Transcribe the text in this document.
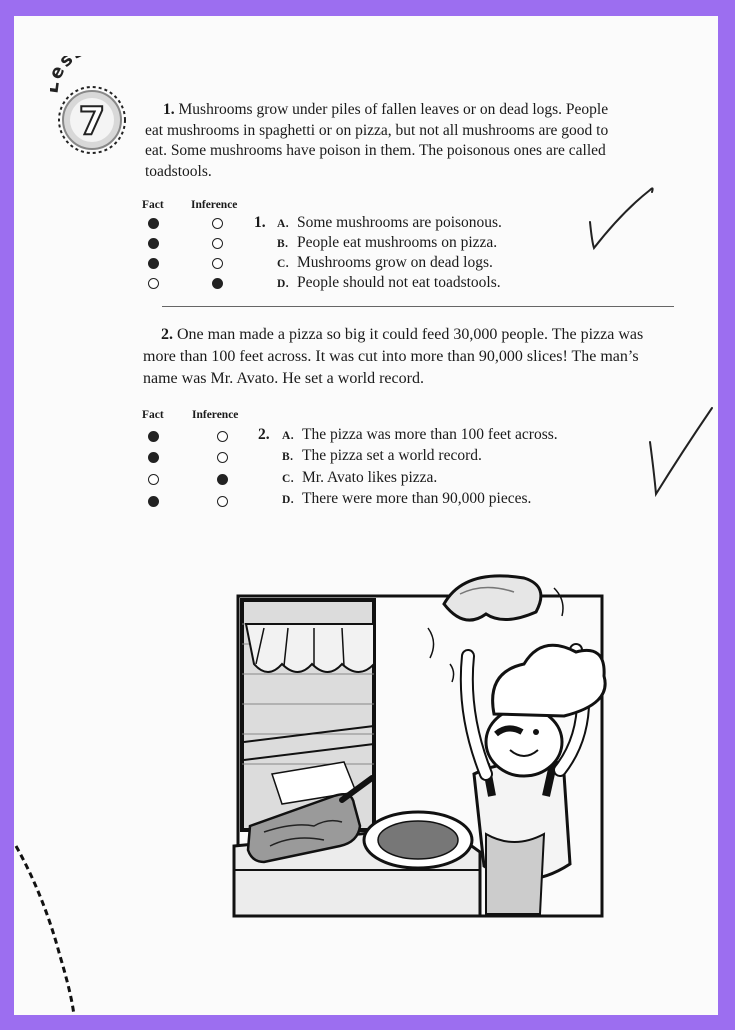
s
7	1. Mushrooms grow under piles of fallen leaves or on dead logs. People eat mushrooms in spaghetti or on pizza, but not all mushrooms are good to eat. Some mushrooms have poison in them. The poisonous ones are called toadstools.
Fact Inference
1. A. Some mushrooms are poisonous.
B. People eat mushrooms on pizza.
C. Mushrooms grow on dead logs.
D. People should not eat toadstools.
2. One man made a pizza so big it could feed 30,000 people. The pizza was more than 100 feet across. It was cut into more than 90,000 slices! The man’s name was Mr. Avato. He set a world record.
Fact Inference
2. A. The pizza was more than 100 feet across.
B. The pizza set a world record.
C. Mr. Avato likes pizza.
D. There were more than 90,000 pieces.
